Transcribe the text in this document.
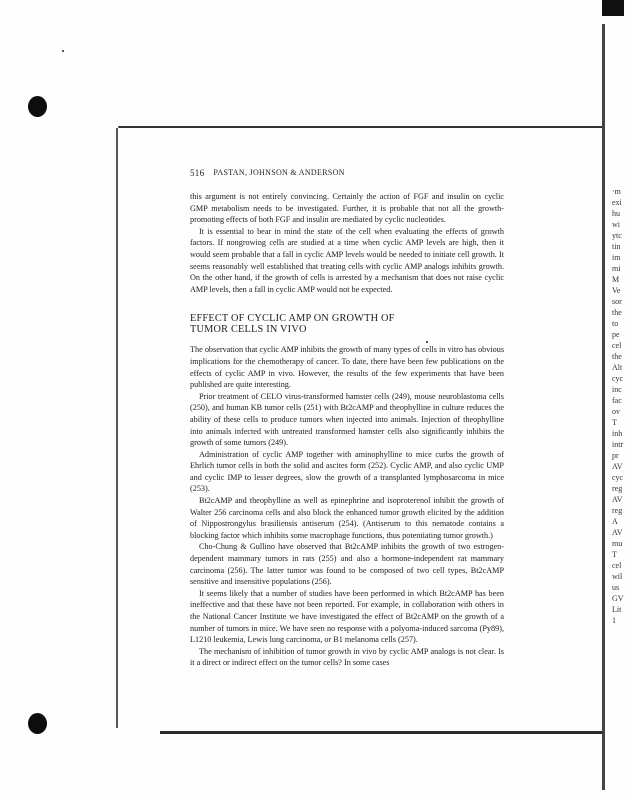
·m
exi
hu
wi
ytc
tin
im
mi
M
Ve
sor
the
to
pe
cel
the
Alt
cyc
inc
fac
ov
T
inh
intr
pr
AV
cyc
reg
AV
reg
A
AV
mu
T
cel
wil
us
GV
Lit
1
516 PASTAN, JOHNSON & ANDERSON

this argument is not entirely convincing. Certainly the action of FGF and insulin on cyclic GMP metabolism needs to be investigated. Further, it is probable that not all the growth-promoting effects of both FGF and insulin are mediated by cyclic nucleotides.

It is essential to bear in mind the state of the cell when evaluating the effects of growth factors. If nongrowing cells are studied at a time when cyclic AMP levels are high, then it would seem probable that a fall in cyclic AMP levels would be needed to initiate cell growth. It seems reasonably well established that treating cells with cyclic AMP analogs inhibits growth. On the other hand, if the growth of cells is arrested by a mechanism that does not raise cyclic AMP levels, then a fall in cyclic AMP would not be expected.

EFFECT OF CYCLIC AMP ON GROWTH OF
TUMOR CELLS IN VIVO

The observation that cyclic AMP inhibits the growth of many types of cells in vitro has obvious implications for the chemotherapy of cancer. To date, there have been few publications on the effects of cyclic AMP in vivo. However, the results of the few experiments that have been published are quite interesting.

Prior treatment of CELO virus-transformed hamster cells (249), mouse neuroblastoma cells (250), and human KB tumor cells (251) with Bt2cAMP and theophylline in culture reduces the ability of these cells to produce tumors when injected into animals. Injection of theophylline into animals infected with untreated transformed hamster cells also significantly inhibits the growth of some tumors (249).

Administration of cyclic AMP together with aminophylline to mice curbs the growth of Ehrlich tumor cells in both the solid and ascites form (252). Cyclic AMP, and also cyclic UMP and cyclic IMP to lesser degrees, slow the growth of a transplanted lymphosarcoma in mice (253).

Bt2cAMP and theophylline as well as epinephrine and isoproterenol inhibit the growth of Walter 256 carcinoma cells and also block the enhanced tumor growth elicited by the addition of Nippostrongylus brasiliensis antiserum (254). (Antiserum to this nematode contains a blocking factor which inhibits some macrophage functions, thus potentiating tumor growth.)

Cho-Chung & Gullino have observed that Bt2cAMP inhibits the growth of two estrogen-dependent mammary tumors in rats (255) and also a hormone-independent rat mammary carcinoma (256). The latter tumor was found to be composed of two cell types, Bt2cAMP sensitive and insensitive populations (256).

It seems likely that a number of studies have been performed in which Bt2cAMP has been ineffective and that these have not been reported. For example, in collaboration with others in the National Cancer Institute we have investigated the effect of Bt2cAMP on the growth of a number of tumors in mice. We have seen no response with a polyoma-induced sarcoma (Py89), L1210 leukemia, Lewis lung carcinoma, or B1 melanoma cells (257).

The mechanism of inhibition of tumor growth in vivo by cyclic AMP analogs is not clear. Is it a direct or indirect effect on the tumor cells? In some cases
